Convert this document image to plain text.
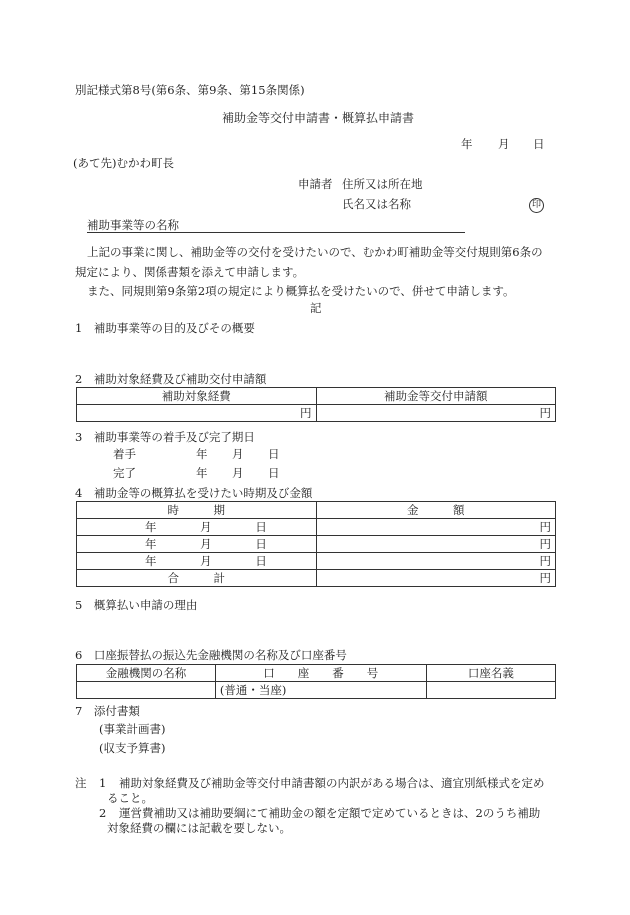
別記様式第8号(第6条、第9条、第15条関係)
補助金等交付申請書・概算払申請書
年 月 日
(あて先)むかわ町長
申請者 住所又は所在地
氏名又は名称	印
補助事業等の名称
上記の事業に関し、補助金等の交付を受けたいので、むかわ町補助金等交付規則第6条の
規定により、関係書類を添えて申請します。
また、同規則第9条第2項の規定により概算払を受けたいので、併せて申請します。
記
1　補助事業等の目的及びその概要
2　補助対象経費及び補助交付申請額
補助対象経費	補助金等交付申請額
円	円
3　補助事業等の着手及び完了期日
着手	年 月 日
完了	年 月 日
4　補助金等の概算払を受けたい時期及び金額
時　　　期	金　　　額
年 月 日	円
年 月 日	円
年 月 日	円
合　　　計	円
5　概算払い申請の理由
6　口座振替払の振込先金融機関の名称及び口座番号
金融機関の名称	口　　座　　番　　号	口座名義
	(普通・当座)	
7　添付書類
(事業計画書)
(収支予算書)
注 1 補助対象経費及び補助金等交付申請書額の内訳がある場合は、適宜別紙様式を定め
ること。
2 運営費補助又は補助要綱にて補助金の額を定額で定めているときは、2のうち補助
対象経費の欄には記載を要しない。
